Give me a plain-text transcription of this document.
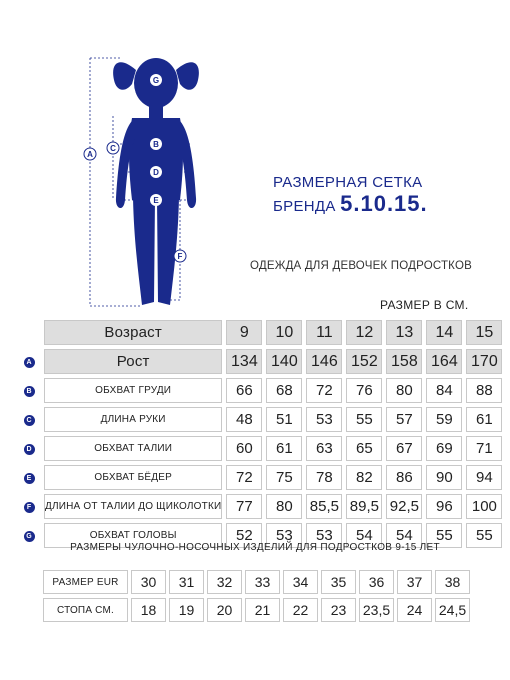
G
A
C	B
D
E
F
РАЗМЕРНАЯ СЕТКА
БРЕНДА 5.10.15.
ОДЕЖДА ДЛЯ ДЕВОЧЕК ПОДРОСТКОВ
РАЗМЕР В СМ.
	Возраст	9	10	11	12	13	14	15
A	Рост	134	140	146	152	158	164	170
B	ОБХВАТ ГРУДИ	66	68	72	76	80	84	88
C	ДЛИНА РУКИ	48	51	53	55	57	59	61
D	ОБХВАТ ТАЛИИ	60	61	63	65	67	69	71
E	ОБХВАТ БЁДЕР	72	75	78	82	86	90	94
F	ДЛИНА ОТ ТАЛИИ ДО ЩИКОЛОТКИ	77	80	85,5	89,5	92,5	96	100
G	ОБХВАТ ГОЛОВЫ	52	53	53	54	54	55	55
РАЗМЕРЫ ЧУЛОЧНО-НОСОЧНЫХ ИЗДЕЛИЙ ДЛЯ ПОДРОСТКОВ 9-15 ЛЕТ
РАЗМЕР EUR	30	31	32	33	34	35	36	37	38
СТОПА СМ.	18	19	20	21	22	23	23,5	24	24,5
